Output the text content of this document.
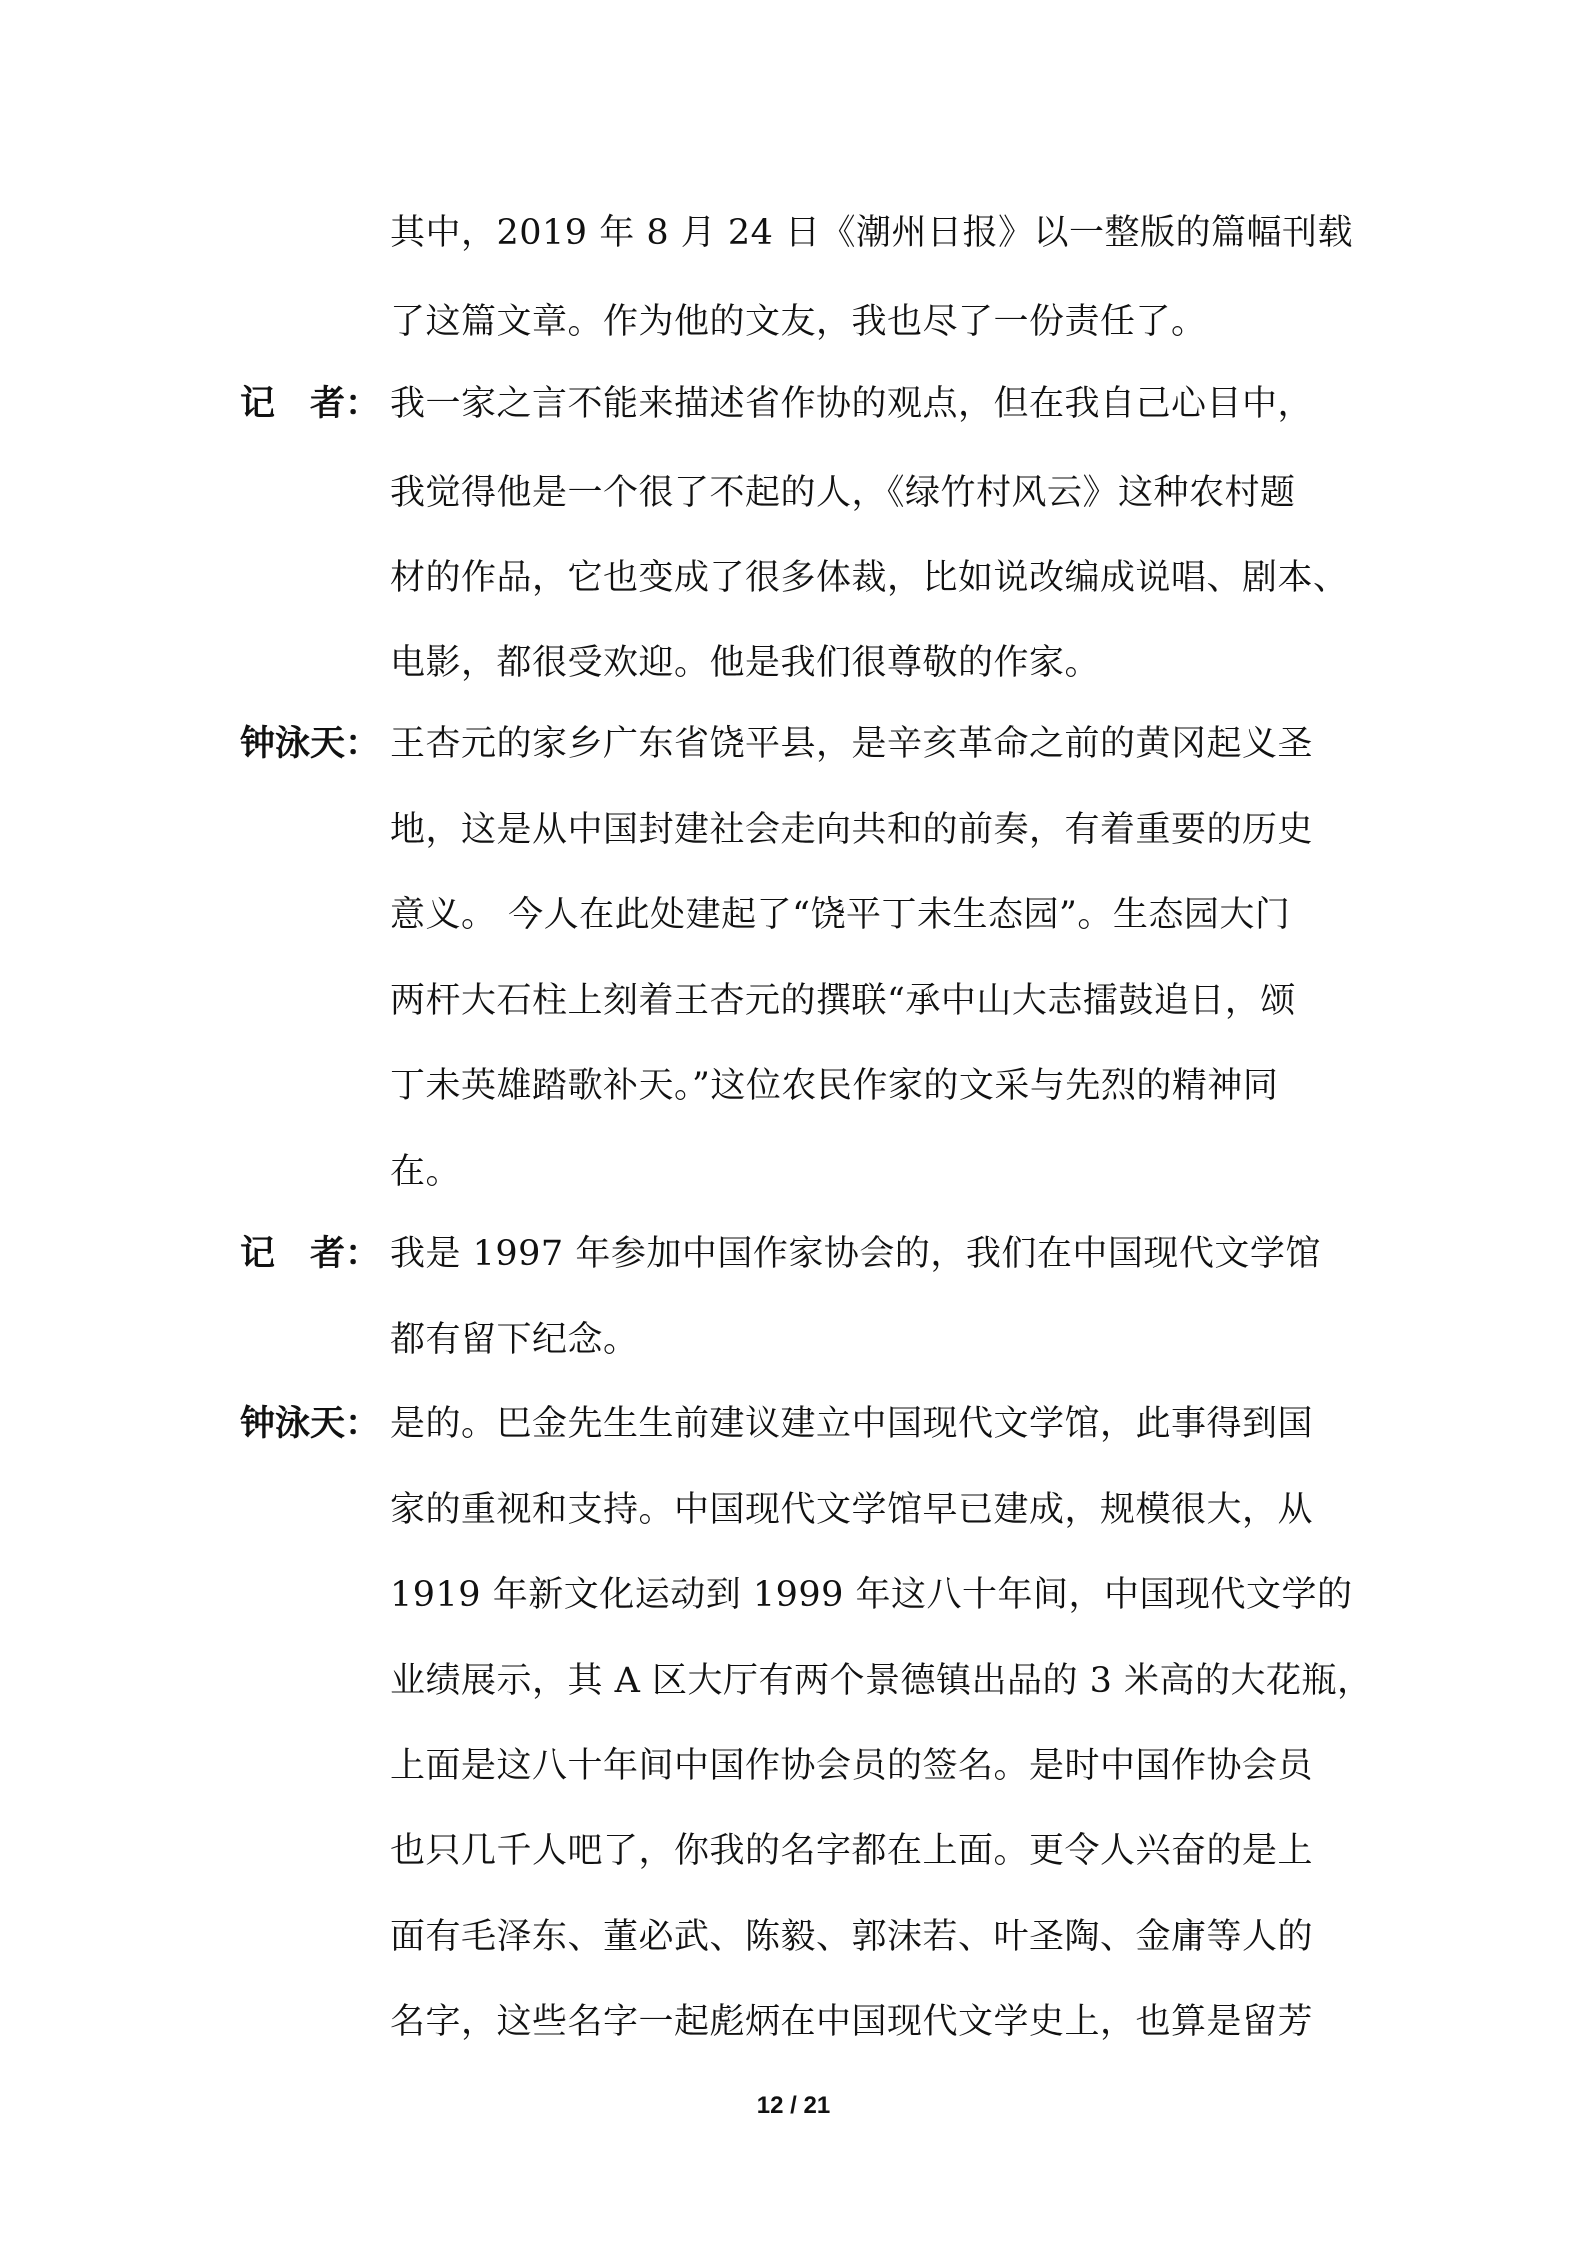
其中，2019 年 8 月 24 日《潮州日报》以一整版的篇幅刊载
了这篇文章。作为他的文友，我也尽了一份责任了。
记　者： 我一家之言不能来描述省作协的观点，但在我自己心目中，
我觉得他是一个很了不起的人，《绿竹村风云》这种农村题
材的作品，它也变成了很多体裁，比如说改编成说唱、剧本、
电影，都很受欢迎。他是我们很尊敬的作家。
钟泳天： 王杏元的家乡广东省饶平县，是辛亥革命之前的黄冈起义圣
地，这是从中国封建社会走向共和的前奏，有着重要的历史
意义。 今人在此处建起了“饶平丁未生态园”。生态园大门
两杆大石柱上刻着王杏元的撰联“承中山大志擂鼓追日，颂
丁未英雄踏歌补天。”这位农民作家的文采与先烈的精神同
在。
记　者： 我是 1997 年参加中国作家协会的，我们在中国现代文学馆
都有留下纪念。
钟泳天： 是的。巴金先生生前建议建立中国现代文学馆，此事得到国
家的重视和支持。中国现代文学馆早已建成，规模很大，从
1919 年新文化运动到 1999 年这八十年间，中国现代文学的
业绩展示，其 A 区大厅有两个景德镇出品的 3 米高的大花瓶，
上面是这八十年间中国作协会员的签名。是时中国作协会员
也只几千人吧了，你我的名字都在上面。更令人兴奋的是上
面有毛泽东、董必武、陈毅、郭沫若、叶圣陶、金庸等人的
名字，这些名字一起彪炳在中国现代文学史上，也算是留芳
12 / 21
